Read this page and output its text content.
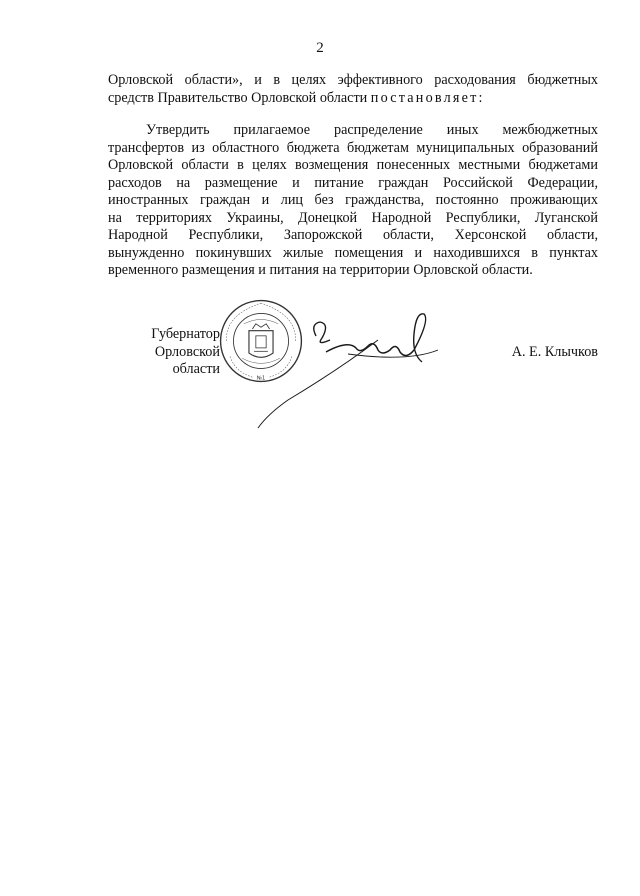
2
Орловской области», и в целях эффективного расходования бюджетных
средств Правительство Орловской области постановляет:
Утвердить прилагаемое распределение иных межбюджетных
трансфертов из областного бюджета бюджетам муниципальных образований
Орловской области в целях возмещения понесенных местными бюджетами
расходов на размещение и питание граждан Российской Федерации,
иностранных граждан и лиц без гражданства, постоянно проживающих
на территориях Украины, Донецкой Народной Республики, Луганской
Народной Республики, Запорожской области, Херсонской области,
вынужденно покинувших жилые помещения и находившихся в пунктах
временного размещения и питания на территории Орловской области.
Губернатор
Орловской области
№1
А. Е. Клычков
